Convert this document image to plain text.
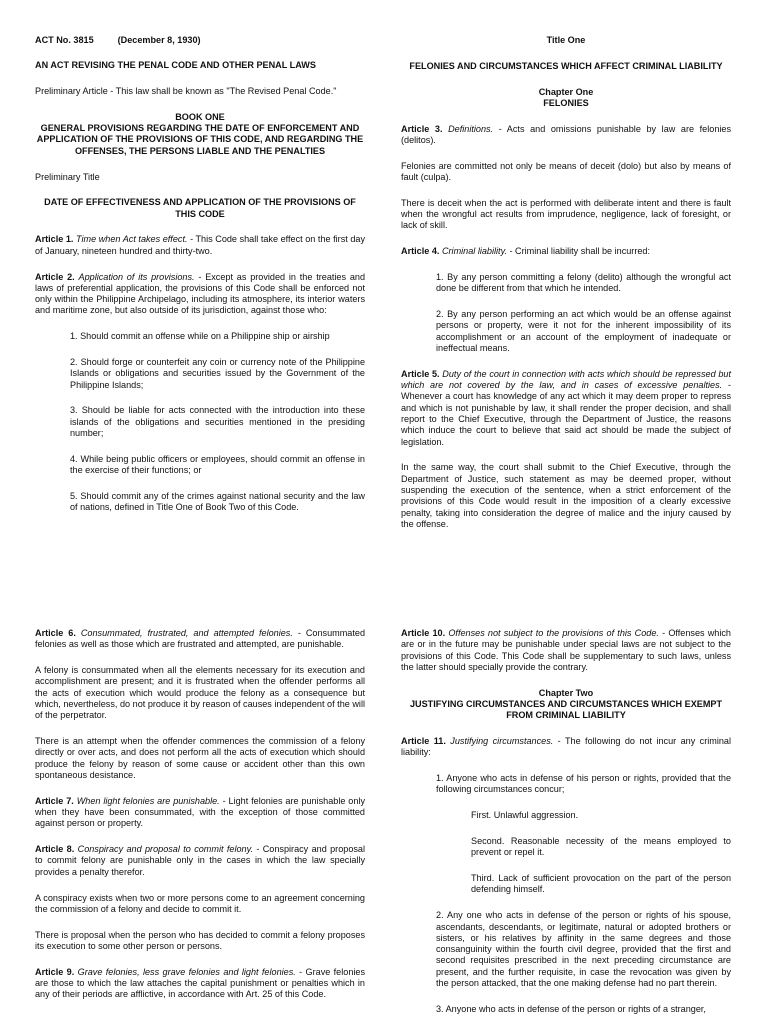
ACT No. 3815	(December 8, 1930)

AN ACT REVISING THE PENAL CODE AND OTHER PENAL LAWS

Preliminary Article - This law shall be known as "The Revised Penal Code."

BOOK ONE

GENERAL PROVISIONS REGARDING THE DATE OF ENFORCEMENT AND APPLICATION OF THE PROVISIONS OF THIS CODE, AND REGARDING THE OFFENSES, THE PERSONS LIABLE AND THE PENALTIES

Preliminary Title

DATE OF EFFECTIVENESS AND APPLICATION OF THE PROVISIONS OF THIS CODE

Article 1. Time when Act takes effect. - This Code shall take effect on the first day of January, nineteen hundred and thirty-two.

Article 2. Application of its provisions. - Except as provided in the treaties and laws of preferential application, the provisions of this Code shall be enforced not only within the Philippine Archipelago, including its atmosphere, its interior waters and maritime zone, but also outside of its jurisdiction, against those who:

1. Should commit an offense while on a Philippine ship or airship

2. Should forge or counterfeit any coin or currency note of the Philippine Islands or obligations and securities issued by the Government of the Philippine Islands;

3. Should be liable for acts connected with the introduction into these islands of the obligations and securities mentioned in the presiding number;

4. While being public officers or employees, should commit an offense in the exercise of their functions; or

5. Should commit any of the crimes against national security and the law of nations, defined in Title One of Book Two of this Code.

Title One

FELONIES AND CIRCUMSTANCES WHICH AFFECT CRIMINAL LIABILITY

Chapter One

FELONIES

Article 3. Definitions. - Acts and omissions punishable by law are felonies (delitos).

Felonies are committed not only be means of deceit (dolo) but also by means of fault (culpa).

There is deceit when the act is performed with deliberate intent and there is fault when the wrongful act results from imprudence, negligence, lack of foresight, or lack of skill.

Article 4. Criminal liability. - Criminal liability shall be incurred:

1. By any person committing a felony (delito) although the wrongful act done be different from that which he intended.

2. By any person performing an act which would be an offense against persons or property, were it not for the inherent impossibility of its accomplishment or an account of the employment of inadequate or ineffectual means.

Article 5. Duty of the court in connection with acts which should be repressed but which are not covered by the law, and in cases of excessive penalties. - Whenever a court has knowledge of any act which it may deem proper to repress and which is not punishable by law, it shall render the proper decision, and shall report to the Chief Executive, through the Department of Justice, the reasons which induce the court to believe that said act should be made the subject of legislation.

In the same way, the court shall submit to the Chief Executive, through the Department of Justice, such statement as may be deemed proper, without suspending the execution of the sentence, when a strict enforcement of the provisions of this Code would result in the imposition of a clearly excessive penalty, taking into consideration the degree of malice and the injury caused by the offense.

Article 6. Consummated, frustrated, and attempted felonies. - Consummated felonies as well as those which are frustrated and attempted, are punishable.

A felony is consummated when all the elements necessary for its execution and accomplishment are present; and it is frustrated when the offender performs all the acts of execution which would produce the felony as a consequence but which, nevertheless, do not produce it by reason of causes independent of the will of the perpetrator.

There is an attempt when the offender commences the commission of a felony directly or over acts, and does not perform all the acts of execution which should produce the felony by reason of some cause or accident other than this own spontaneous desistance.

Article 7. When light felonies are punishable. - Light felonies are punishable only when they have been consummated, with the exception of those committed against person or property.

Article 8. Conspiracy and proposal to commit felony. - Conspiracy and proposal to commit felony are punishable only in the cases in which the law specially provides a penalty therefor.

A conspiracy exists when two or more persons come to an agreement concerning the commission of a felony and decide to commit it.

There is proposal when the person who has decided to commit a felony proposes its execution to some other person or persons.

Article 9. Grave felonies, less grave felonies and light felonies. - Grave felonies are those to which the law attaches the capital punishment or penalties which in any of their periods are afflictive, in accordance with Art. 25 of this Code.

Article 10. Offenses not subject to the provisions of this Code. - Offenses which are or in the future may be punishable under special laws are not subject to the provisions of this Code. This Code shall be supplementary to such laws, unless the latter should specially provide the contrary.

Chapter Two

JUSTIFYING CIRCUMSTANCES AND CIRCUMSTANCES WHICH EXEMPT FROM CRIMINAL LIABILITY

Article 11. Justifying circumstances. - The following do not incur any criminal liability:

1. Anyone who acts in defense of his person or rights, provided that the following circumstances concur;

First. Unlawful aggression.

Second. Reasonable necessity of the means employed to prevent or repel it.

Third. Lack of sufficient provocation on the part of the person defending himself.

2. Any one who acts in defense of the person or rights of his spouse, ascendants, descendants, or legitimate, natural or adopted brothers or sisters, or his relatives by affinity in the same degrees and those consanguinity within the fourth civil degree, provided that the first and second requisites prescribed in the next preceding circumstance are present, and the further requisite, in case the revocation was given by the person attacked, that the one making defense had no part therein.

3. Anyone who acts in defense of the person or rights of a stranger,
